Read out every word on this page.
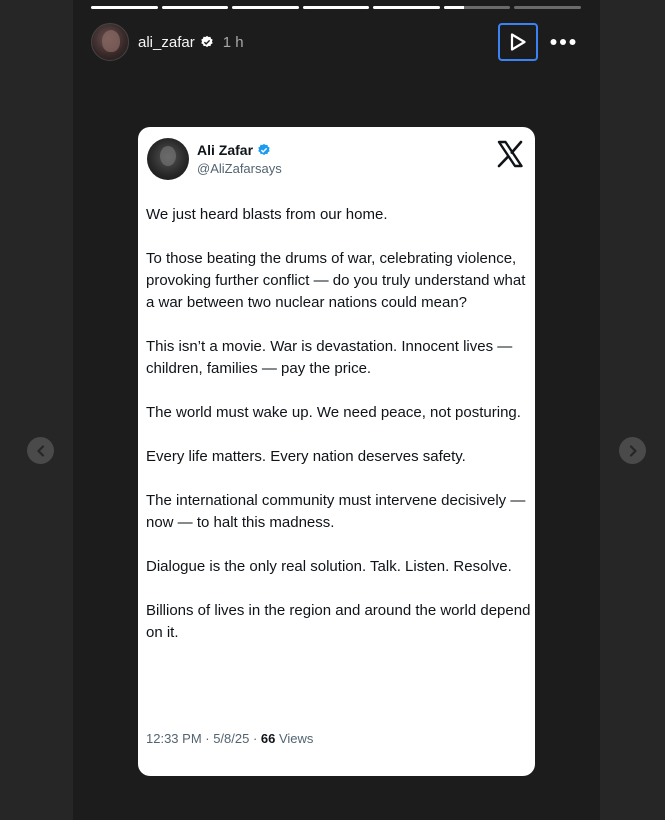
ali_zafar 1 h
Ali Zafar
@AliZafarsays

We just heard blasts from our home.

To those beating the drums of war, celebrating violence, provoking further conflict — do you truly understand what a war between two nuclear nations could mean?

This isn’t a movie. War is devastation. Innocent lives — children, families — pay the price.

The world must wake up. We need peace, not posturing.

Every life matters. Every nation deserves safety.

The international community must intervene decisively — now — to halt this madness.

Dialogue is the only real solution. Talk. Listen. Resolve.

Billions of lives in the region and around the world depend on it.

12:33 PM · 5/8/25 · 66 Views
